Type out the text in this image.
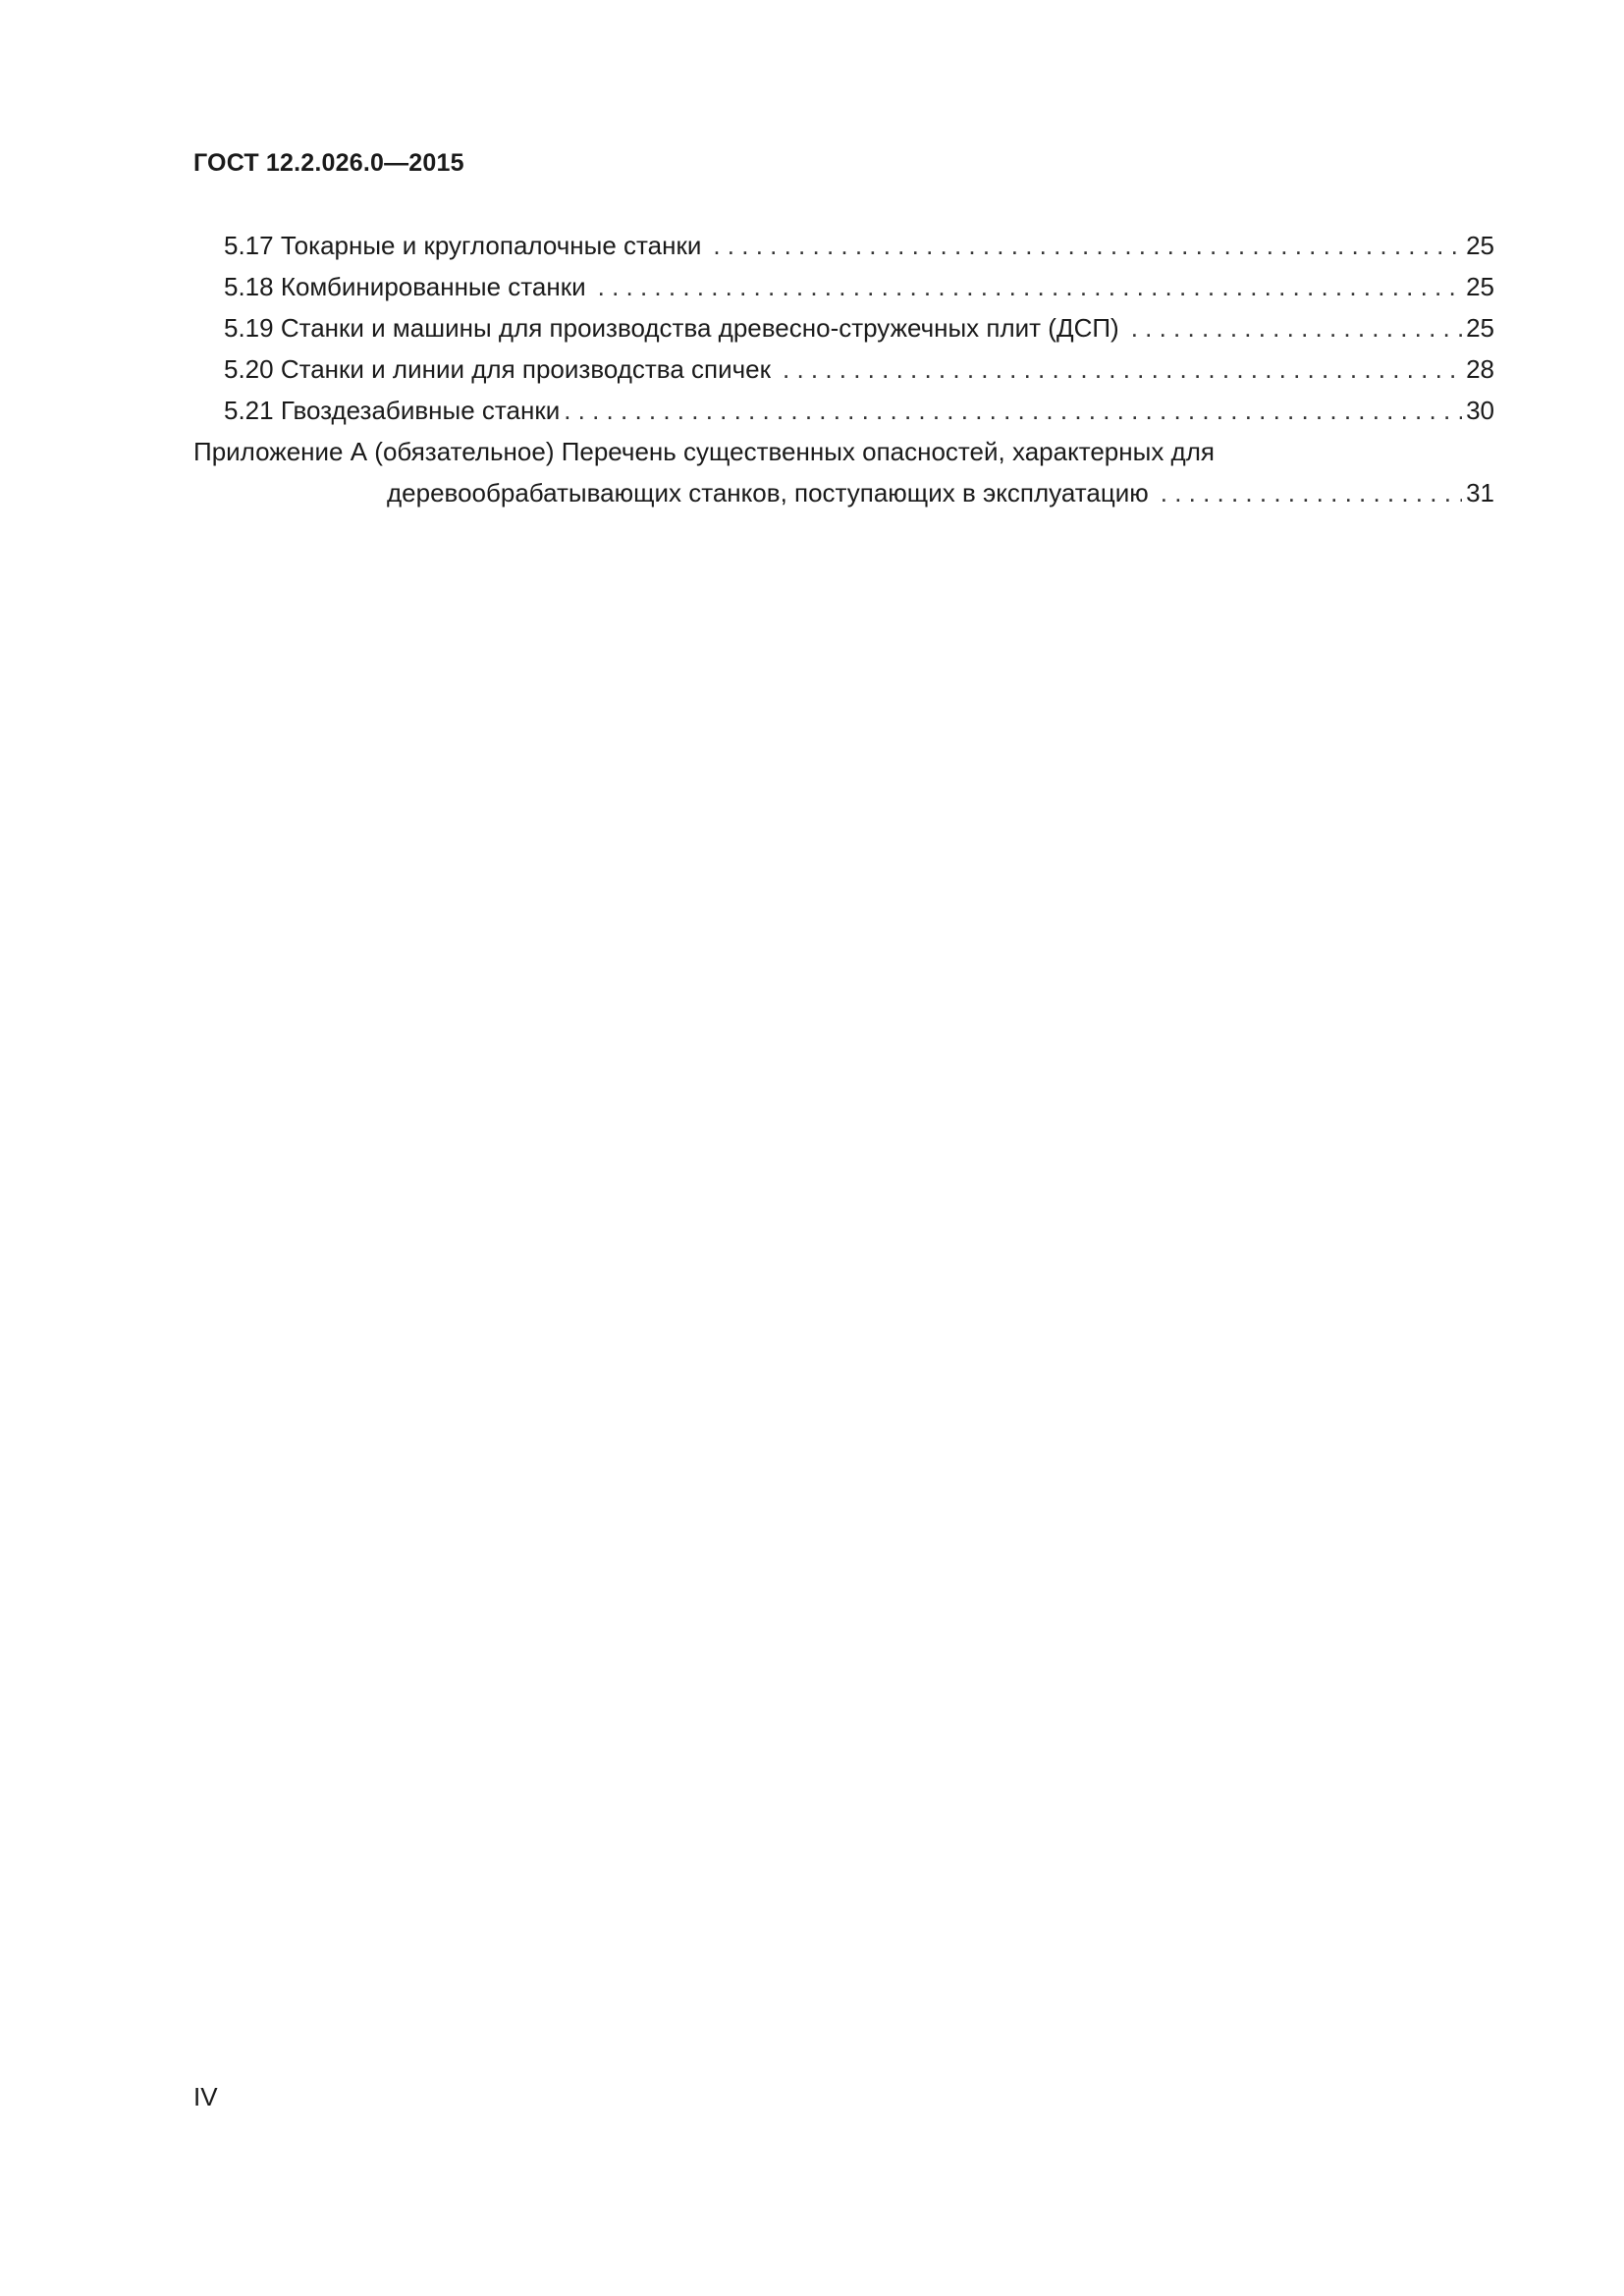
ГОСТ 12.2.026.0—2015
5.17 Токарные и круглопалочные станки . . .	25
5.18 Комбинированные станки . . .	25
5.19 Станки и машины для производства древесно-стружечных плит (ДСП) . . .	25
5.20 Станки и линии для производства спичек . . .	28
5.21 Гвоздезабивные станки . . .	30
Приложение А (обязательное) Перечень существенных опасностей, характерных для
деревообрабатывающих станков, поступающих в эксплуатацию . . .	31
IV
